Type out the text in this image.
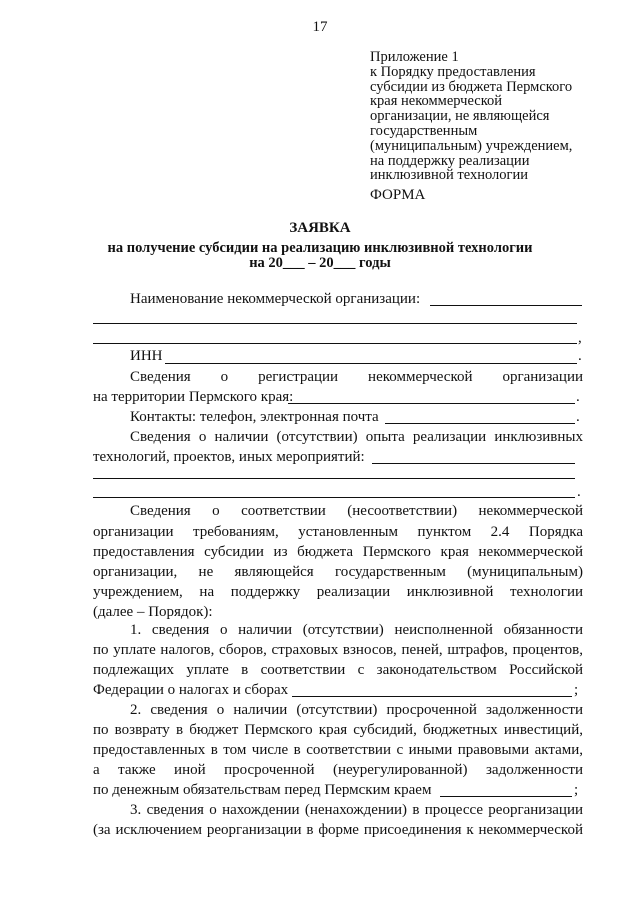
17
Приложение 1
к Порядку предоставления
субсидии из бюджета Пермского
края некоммерческой
организации, не являющейся
государственным
(муниципальным) учреждением,
на поддержку реализации
инклюзивной технологии
ФОРМА
ЗАЯВКА
на получение субсидии на реализацию инклюзивной технологии
на 20___ – 20___ годы
Наименование некоммерческой организации:
,
ИНН	.
Сведения о регистрации некоммерческой организации
на территории Пермского края:	.
Контакты: телефон, электронная почта	.
Сведения о наличии (отсутствии) опыта реализации инклюзивных
технологий, проектов, иных мероприятий:
.
Сведения о соответствии (несоответствии) некоммерческой
организации требованиям, установленным пунктом 2.4 Порядка
предоставления субсидии из бюджета Пермского края некоммерческой
организации, не являющейся государственным (муниципальным)
учреждением, на поддержку реализации инклюзивной технологии
(далее – Порядок):
1. сведения о наличии (отсутствии) неисполненной обязанности
по уплате налогов, сборов, страховых взносов, пеней, штрафов, процентов,
подлежащих уплате в соответствии с законодательством Российской
Федерации о налогах и сборах	;
2. сведения о наличии (отсутствии) просроченной задолженности
по возврату в бюджет Пермского края субсидий, бюджетных инвестиций,
предоставленных в том числе в соответствии с иными правовыми актами,
а также иной просроченной (неурегулированной) задолженности
по денежным обязательствам перед Пермским краем	;
3. сведения о нахождении (ненахождении) в процессе реорганизации
(за исключением реорганизации в форме присоединения к некоммерческой
